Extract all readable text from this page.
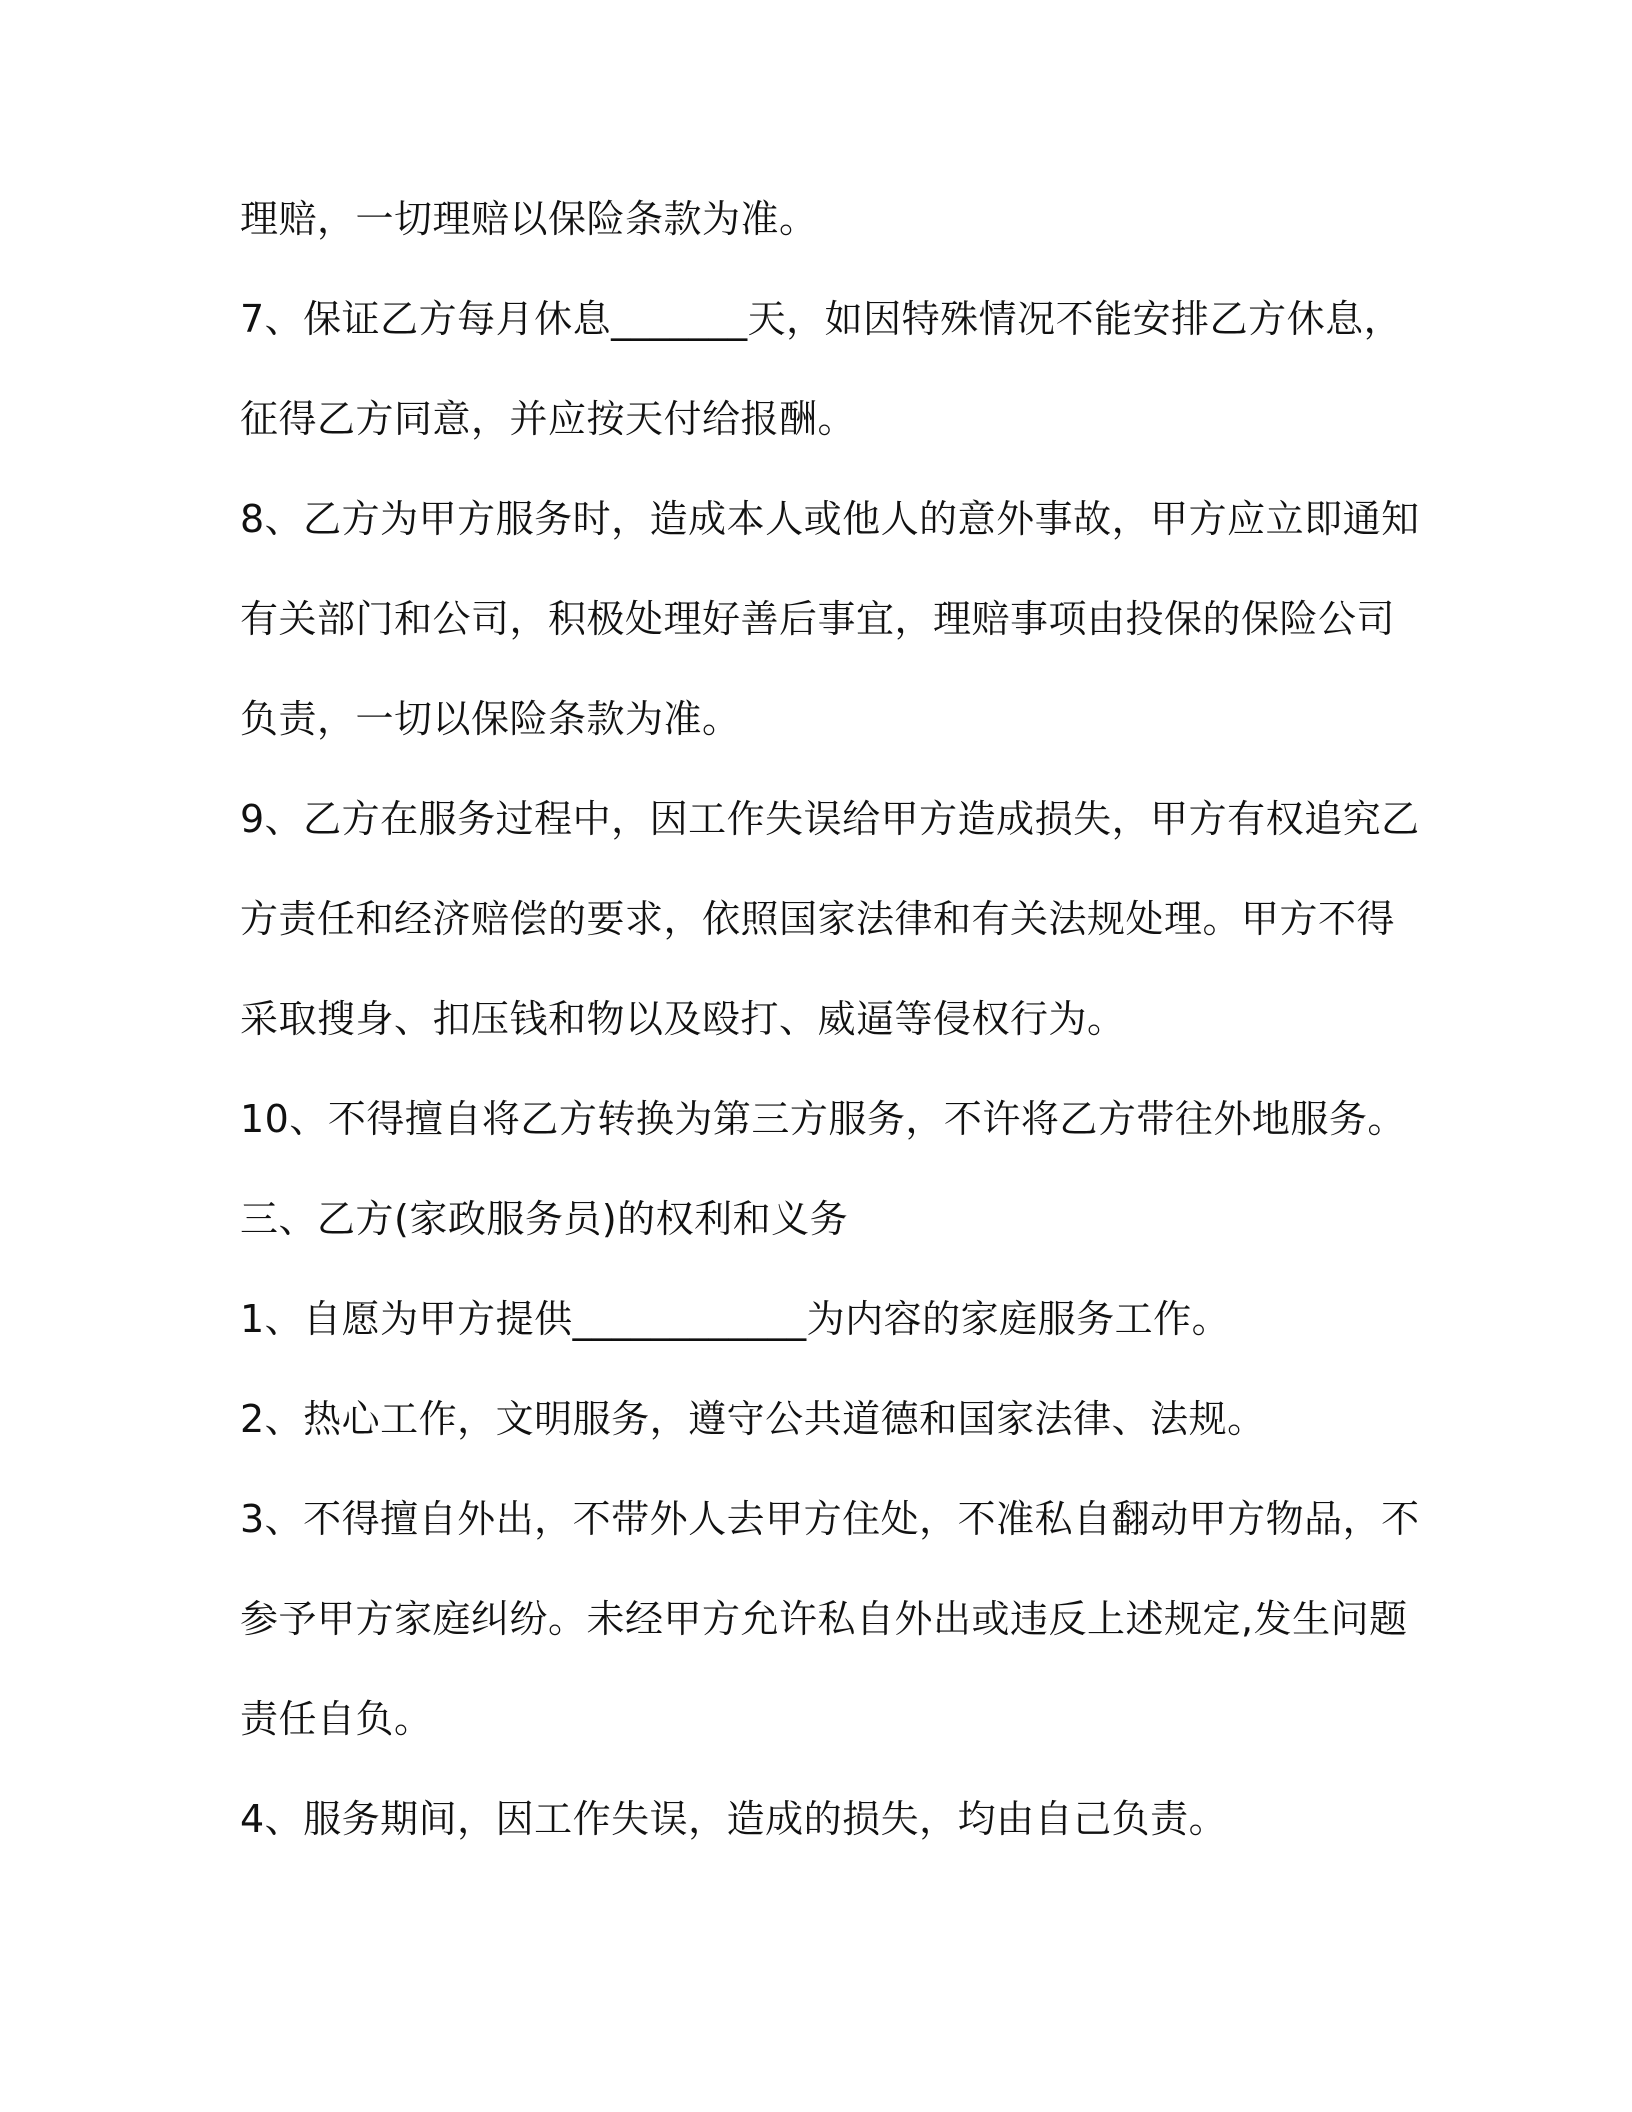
理赔，一切理赔以保险条款为准。
7、保证乙方每月休息_______天，如因特殊情况不能安排乙方休息，
征得乙方同意，并应按天付给报酬。
8、乙方为甲方服务时，造成本人或他人的意外事故，甲方应立即通知
有关部门和公司，积极处理好善后事宜，理赔事项由投保的保险公司
负责，一切以保险条款为准。
9、乙方在服务过程中，因工作失误给甲方造成损失，甲方有权追究乙
方责任和经济赔偿的要求，依照国家法律和有关法规处理。甲方不得
采取搜身、扣压钱和物以及殴打、威逼等侵权行为。
10、不得擅自将乙方转换为第三方服务，不许将乙方带往外地服务。
三、乙方(家政服务员)的权利和义务
1、自愿为甲方提供____________为内容的家庭服务工作。
2、热心工作，文明服务，遵守公共道德和国家法律、法规。
3、不得擅自外出，不带外人去甲方住处，不准私自翻动甲方物品，不
参予甲方家庭纠纷。未经甲方允许私自外出或违反上述规定,发生问题
责任自负。
4、服务期间，因工作失误，造成的损失，均由自己负责。
